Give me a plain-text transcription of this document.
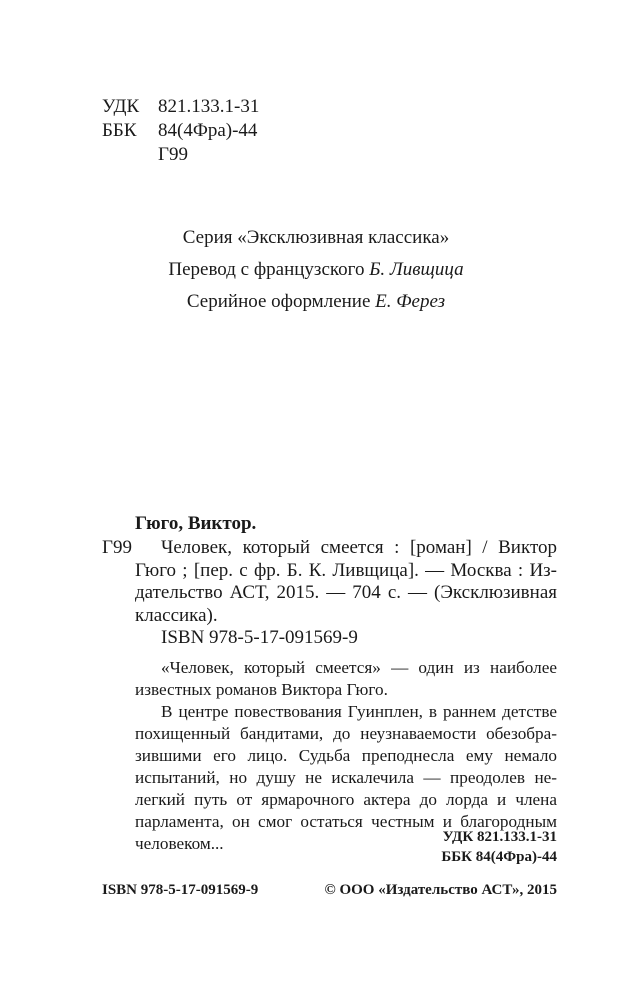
УДК 821.133.1-31
ББК 84(4Фра)-44
Г99
Серия «Эксклюзивная классика»
Перевод с французского Б. Ливщица
Серийное оформление Е. Ферез
Гюго, Виктор.
Г99	Человек, который смеется : [роман] / Виктор
Гюго ; [пер. с фр. Б. К. Ливщица]. — Москва : Из-
дательство АСТ, 2015. — 704 с. — (Эксклюзивная
классика).
ISBN 978-5-17-091569-9
«Человек, который смеется» — один из наиболее
известных романов Виктора Гюго.
В центре повествования Гуинплен, в раннем детстве
похищенный бандитами, до неузнаваемости обезобра-
зившими его лицо. Судьба преподнесла ему немало
испытаний, но душу не искалечила — преодолев не-
легкий путь от ярмарочного актера до лорда и члена
парламента, он смог остаться честным и благородным
человеком...	УДК 821.133.1-31
ББК 84(4Фра)-44
ISBN 978-5-17-091569-9	© ООО «Издательство АСТ», 2015
